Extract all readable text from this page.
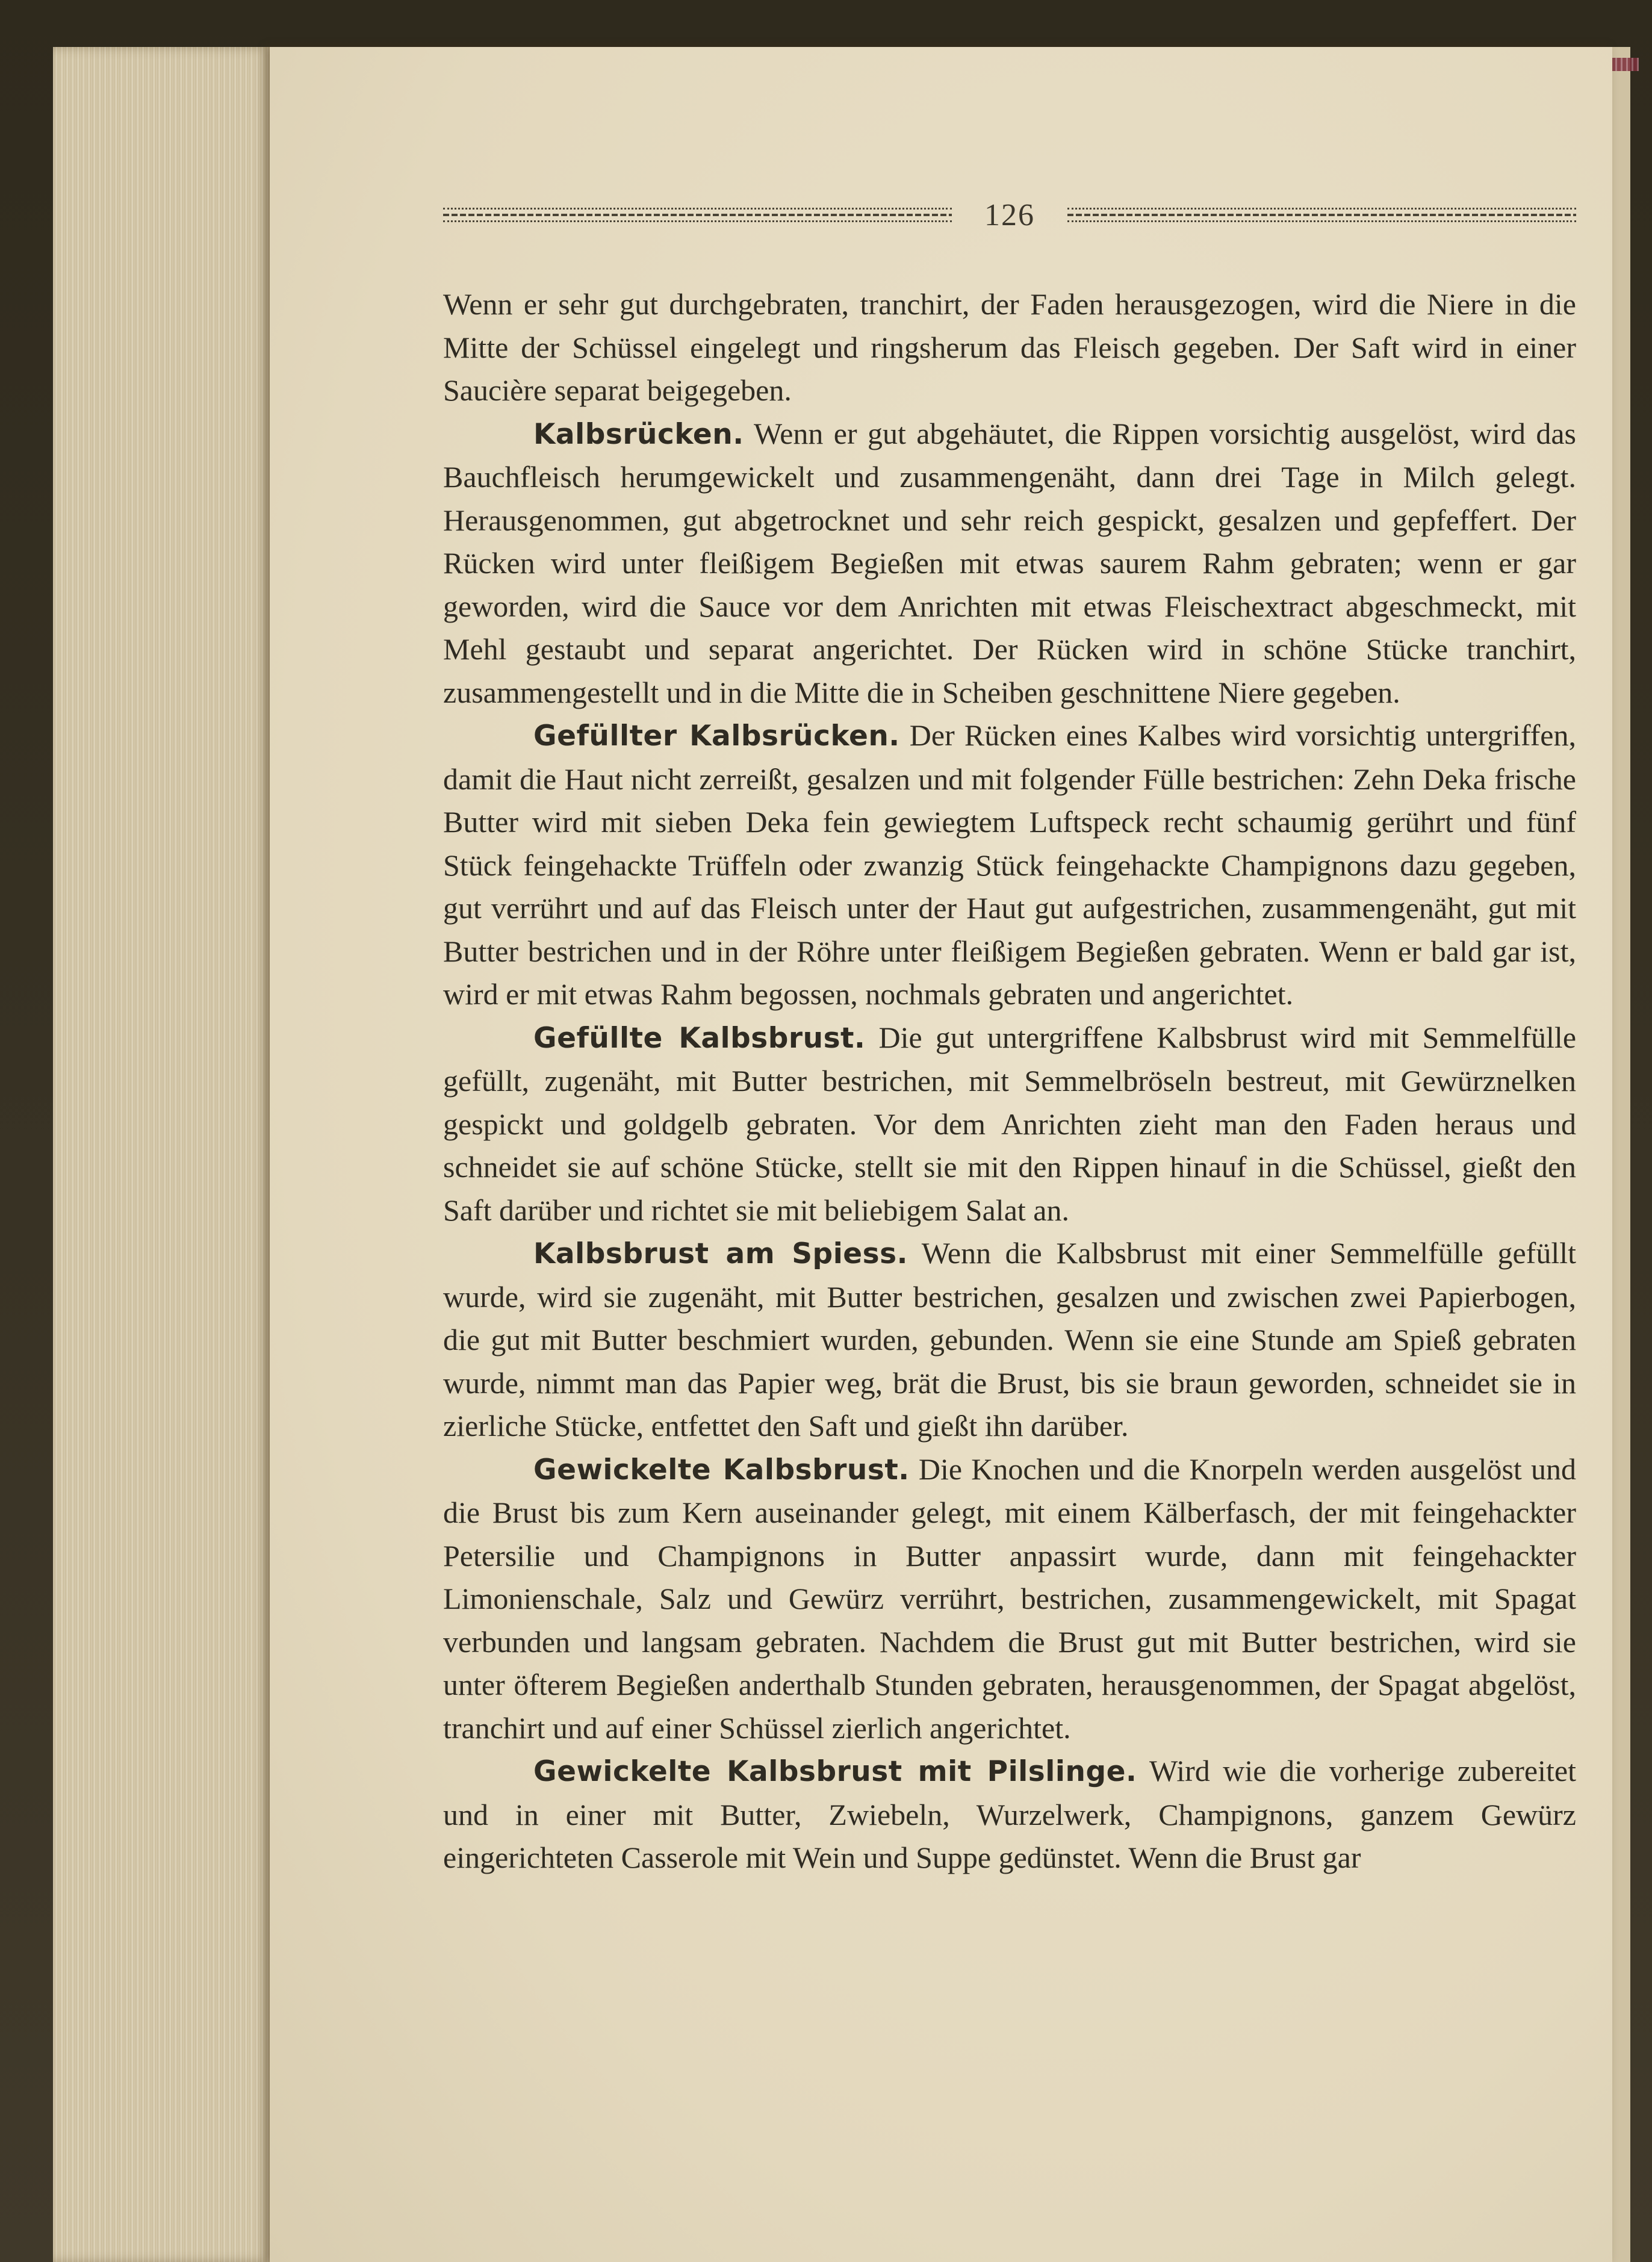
126

Wenn er sehr gut durchgebraten, tranchirt, der Faden herausgezogen, wird die Niere in die Mitte der Schüssel eingelegt und ringsherum das Fleisch gegeben. Der Saft wird in einer Saucière separat beigegeben.

Kalbsrücken. Wenn er gut abgehäutet, die Rippen vorsichtig ausgelöst, wird das Bauchfleisch herumgewickelt und zusammengenäht, dann drei Tage in Milch gelegt. Herausgenommen, gut abgetrocknet und sehr reich gespickt, gesalzen und gepfeffert. Der Rücken wird unter fleißigem Begießen mit etwas saurem Rahm gebraten; wenn er gar geworden, wird die Sauce vor dem Anrichten mit etwas Fleischextract abgeschmeckt, mit Mehl gestaubt und separat angerichtet. Der Rücken wird in schöne Stücke tranchirt, zusammengestellt und in die Mitte die in Scheiben geschnittene Niere gegeben.

Gefüllter Kalbsrücken. Der Rücken eines Kalbes wird vorsichtig untergriffen, damit die Haut nicht zerreißt, gesalzen und mit folgender Fülle bestrichen: Zehn Deka frische Butter wird mit sieben Deka fein gewiegtem Luftspeck recht schaumig gerührt und fünf Stück feingehackte Trüffeln oder zwanzig Stück feingehackte Champignons dazu gegeben, gut verrührt und auf das Fleisch unter der Haut gut aufgestrichen, zusammengenäht, gut mit Butter bestrichen und in der Röhre unter fleißigem Begießen gebraten. Wenn er bald gar ist, wird er mit etwas Rahm begossen, nochmals gebraten und angerichtet.

Gefüllte Kalbsbrust. Die gut untergriffene Kalbsbrust wird mit Semmelfülle gefüllt, zugenäht, mit Butter bestrichen, mit Semmelbröseln bestreut, mit Gewürznelken gespickt und goldgelb gebraten. Vor dem Anrichten zieht man den Faden heraus und schneidet sie auf schöne Stücke, stellt sie mit den Rippen hinauf in die Schüssel, gießt den Saft darüber und richtet sie mit beliebigem Salat an.

Kalbsbrust am Spiess. Wenn die Kalbsbrust mit einer Semmelfülle gefüllt wurde, wird sie zugenäht, mit Butter bestrichen, gesalzen und zwischen zwei Papierbogen, die gut mit Butter beschmiert wurden, gebunden. Wenn sie eine Stunde am Spieß gebraten wurde, nimmt man das Papier weg, brät die Brust, bis sie braun geworden, schneidet sie in zierliche Stücke, entfettet den Saft und gießt ihn darüber.

Gewickelte Kalbsbrust. Die Knochen und die Knorpeln werden ausgelöst und die Brust bis zum Kern auseinander gelegt, mit einem Kälberfasch, der mit feingehackter Petersilie und Champignons in Butter anpassirt wurde, dann mit feingehackter Limonienschale, Salz und Gewürz verrührt, bestrichen, zusammengewickelt, mit Spagat verbunden und langsam gebraten. Nachdem die Brust gut mit Butter bestrichen, wird sie unter öfterem Begießen anderthalb Stunden gebraten, herausgenommen, der Spagat abgelöst, tranchirt und auf einer Schüssel zierlich angerichtet.

Gewickelte Kalbsbrust mit Pilslinge. Wird wie die vorherige zubereitet und in einer mit Butter, Zwiebeln, Wurzelwerk, Champignons, ganzem Gewürz eingerichteten Casserole mit Wein und Suppe gedünstet. Wenn die Brust gar
